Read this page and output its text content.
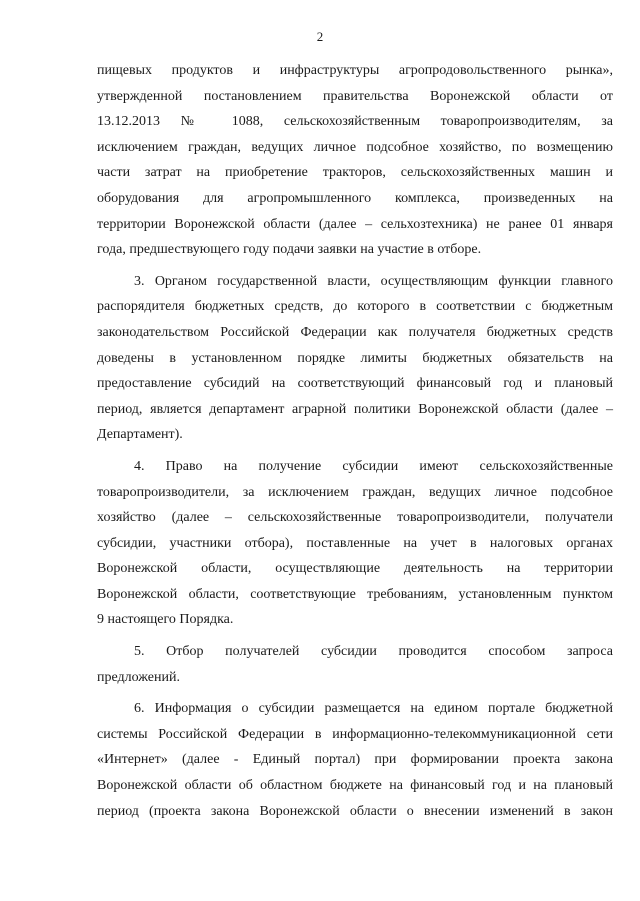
2
пищевых продуктов и инфраструктуры агропродовольственного рынка»,
утвержденной постановлением правительства Воронежской области от
13.12.2013 № 1088, сельскохозяйственным товаропроизводителям, за
исключением граждан, ведущих личное подсобное хозяйство, по возмещению
части затрат на приобретение тракторов, сельскохозяйственных машин и
оборудования для агропромышленного комплекса, произведенных на
территории Воронежской области (далее – сельхозтехника) не ранее 01 января
года, предшествующего году подачи заявки на участие в отборе.
3. Органом государственной власти, осуществляющим функции главного
распорядителя бюджетных средств, до которого в соответствии с бюджетным
законодательством Российской Федерации как получателя бюджетных средств
доведены в установленном порядке лимиты бюджетных обязательств на
предоставление субсидий на соответствующий финансовый год и плановый
период, является департамент аграрной политики Воронежской области (далее –
Департамент).
4. Право на получение субсидии имеют сельскохозяйственные
товаропроизводители, за исключением граждан, ведущих личное подсобное
хозяйство (далее – сельскохозяйственные товаропроизводители, получатели
субсидии, участники отбора), поставленные на учет в налоговых органах
Воронежской области, осуществляющие деятельность на территории
Воронежской области, соответствующие требованиям, установленным пунктом
9 настоящего Порядка.
5. Отбор получателей субсидии проводится способом запроса
предложений.
6. Информация о субсидии размещается на едином портале бюджетной
системы Российской Федерации в информационно-телекоммуникационной сети
«Интернет» (далее - Единый портал) при формировании проекта закона
Воронежской области об областном бюджете на финансовый год и на плановый
период (проекта закона Воронежской области о внесении изменений в закон
